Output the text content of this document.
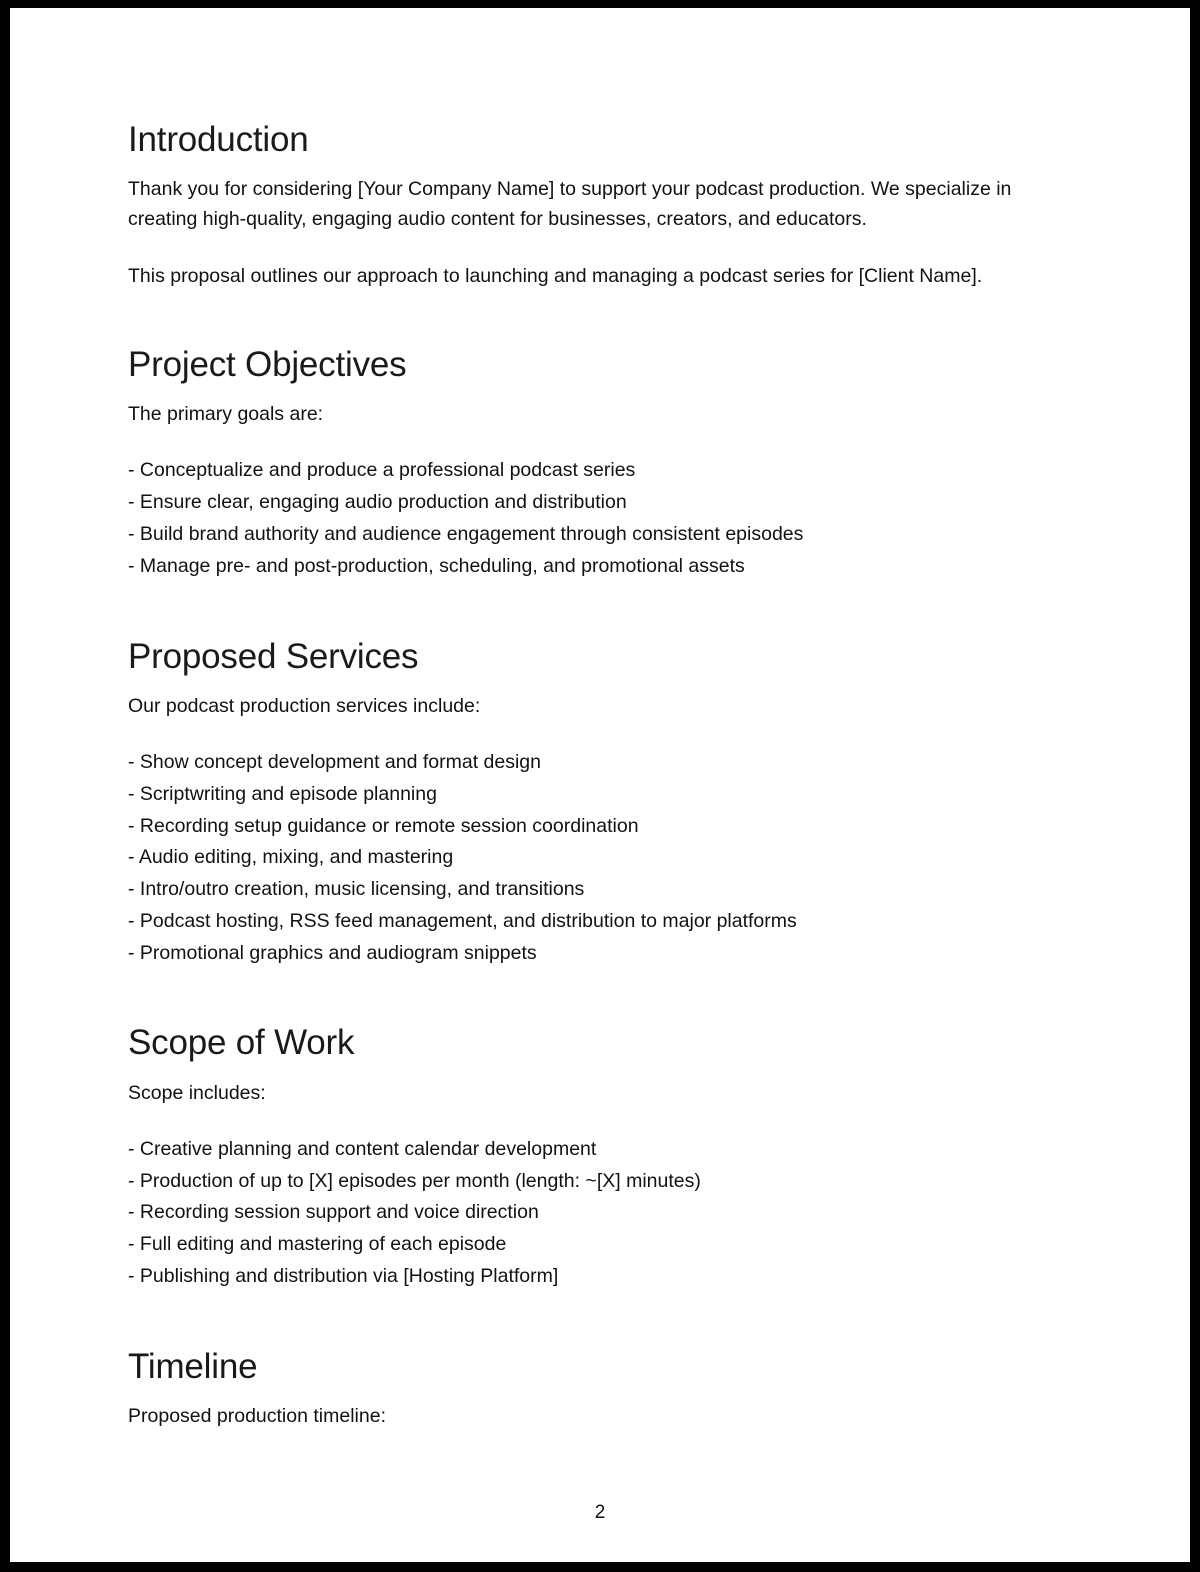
Introduction

Thank you for considering [Your Company Name] to support your podcast production. We specialize in creating high-quality, engaging audio content for businesses, creators, and educators.

This proposal outlines our approach to launching and managing a podcast series for [Client Name].

Project Objectives

The primary goals are:

- Conceptualize and produce a professional podcast series
- Ensure clear, engaging audio production and distribution
- Build brand authority and audience engagement through consistent episodes
- Manage pre- and post-production, scheduling, and promotional assets
Proposed Services

Our podcast production services include:

- Show concept development and format design
- Scriptwriting and episode planning
- Recording setup guidance or remote session coordination
- Audio editing, mixing, and mastering
- Intro/outro creation, music licensing, and transitions
- Podcast hosting, RSS feed management, and distribution to major platforms
- Promotional graphics and audiogram snippets
Scope of Work

Scope includes:

- Creative planning and content calendar development
- Production of up to [X] episodes per month (length: ~[X] minutes)
- Recording session support and voice direction
- Full editing and mastering of each episode
- Publishing and distribution via [Hosting Platform]
Timeline

Proposed production timeline:

2
